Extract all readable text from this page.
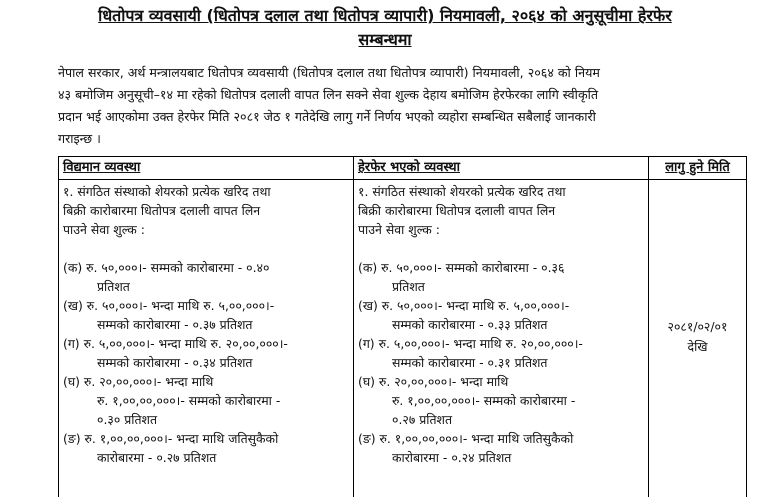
धितोपत्र व्यवसायी (धितोपत्र दलाल तथा धितोपत्र व्यापारी) नियमावली, २०६४ को अनुसूचीमा हेरफेर
सम्बन्धमा
नेपाल सरकार, अर्थ मन्त्रालयबाट धितोपत्र व्यवसायी (धितोपत्र दलाल तथा धितोपत्र व्यापारी) नियमावली, २०६४ को नियम
४३ बमोजिम अनुसूची–१४ मा रहेको धितोपत्र दलाली वापत लिन सक्ने सेवा शुल्क देहाय बमोजिम हेरफेरका लागि स्वीकृति
प्रदान भई आएकोमा उक्त हेरफेर मिति २०८१ जेठ १ गतेदेखि लागु गर्ने निर्णय भएको व्यहोरा सम्बन्धित सबैलाई जानकारी
गराइन्छ ।
विद्यमान व्यवस्था
१. संगठित संस्थाको शेयरको प्रत्येक खरिद तथा
बिक्री कारोबारमा धितोपत्र दलाली वापत लिन
पाउने सेवा शुल्क :
(क) रु. ५०,०००।- सम्मको कारोबारमा - ०.४०
प्रतिशत
(ख) रु. ५०,०००।- भन्दा माथि रु. ५,००,०००।-
सम्मको कारोबारमा - ०.३७ प्रतिशत
(ग) रु. ५,००,०००।- भन्दा माथि रु. २०,००,०००।-
सम्मको कारोबारमा - ०.३४ प्रतिशत
(घ) रु. २०,००,०००।- भन्दा माथि
रु. १,००,००,०००।- सम्मको कारोबारमा -
०.३० प्रतिशत
(ङ) रु. १,००,००,०००।- भन्दा माथि जतिसुकैको
कारोबारमा - ०.२७ प्रतिशत
हेरफेर भएको व्यवस्था
१. संगठित संस्थाको शेयरको प्रत्येक खरिद तथा
बिक्री कारोबारमा धितोपत्र दलाली वापत लिन
पाउने सेवा शुल्क :
(क) रु. ५०,०००।- सम्मको कारोबारमा - ०.३६
प्रतिशत
(ख) रु. ५०,०००।- भन्दा माथि रु. ५,००,०००।-
सम्मको कारोबारमा - ०.३३ प्रतिशत
(ग) रु. ५,००,०००।- भन्दा माथि रु. २०,००,०००।-
सम्मको कारोबारमा - ०.३१ प्रतिशत
(घ) रु. २०,००,०००।- भन्दा माथि
रु. १,००,००,०००।- सम्मको कारोबारमा -
०.२७ प्रतिशत
(ङ) रु. १,००,००,०००।- भन्दा माथि जतिसुकैको
कारोबारमा - ०.२४ प्रतिशत
लागु हुने मिति
२०८१/०२/०१
देखि
